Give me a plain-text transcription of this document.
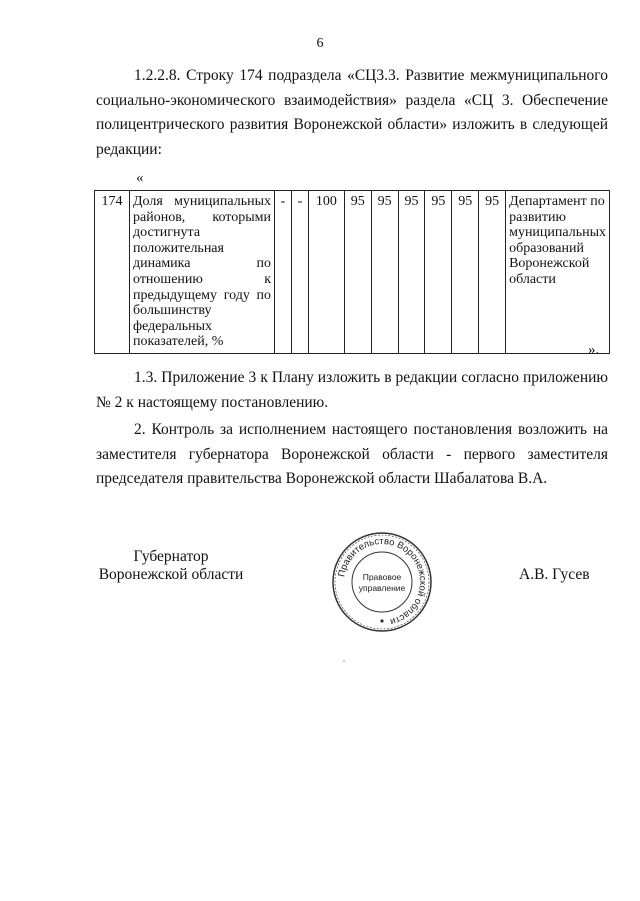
6
1.2.2.8. Строку 174 подраздела «СЦ3.3. Развитие межмуниципального социально-экономического взаимодействия» раздела «СЦ 3. Обеспечение полицентрического развития Воронежской области» изложить в следующей редакции:
«
174	Доля муниципальных районов, которыми достигнута положительная динамика по отношению к предыдущему году по большинству федеральных показателей, %	-	-	100	95	95	95	95	95	95	Департамент по развитию муниципальных образований Воронежской области
».
1.3. Приложение 3 к Плану изложить в редакции согласно приложению № 2 к настоящему постановлению.
2. Контроль за исполнением настоящего постановления возложить на заместителя губернатора Воронежской области - первого заместителя председателя правительства Воронежской области Шабалатова В.А.
Губернатор
Воронежской области	Правительство Воронежской области
Правовое
управление
А.В. Гусев
